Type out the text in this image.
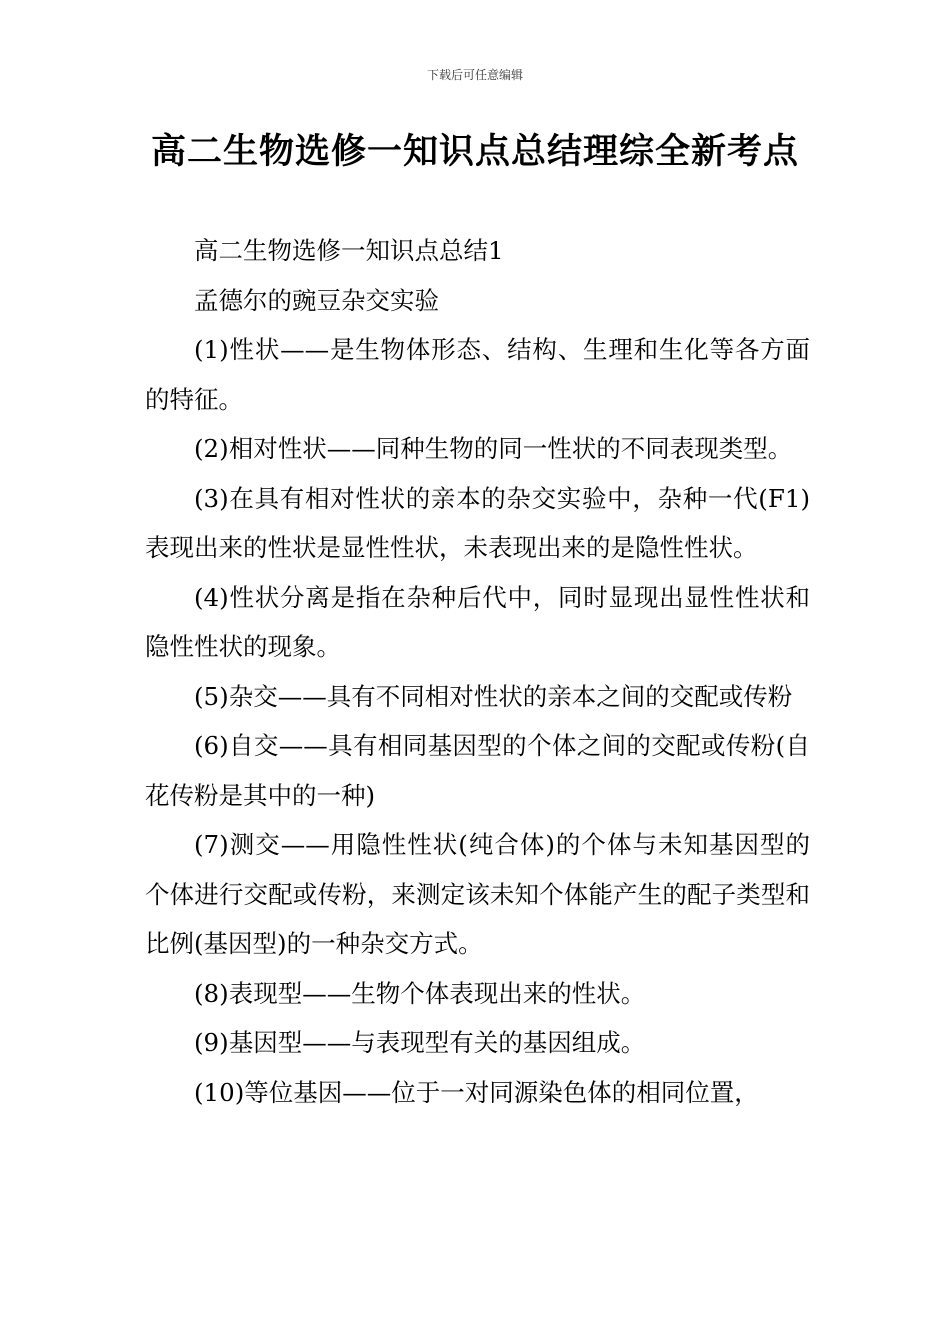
下载后可任意编辑
高二生物选修一知识点总结理综全新考点

高二生物选修一知识点总结1

孟德尔的豌豆杂交实验

(1)性状——是生物体形态、结构、生理和生化等各方面的特征。

(2)相对性状——同种生物的同一性状的不同表现类型。

(3)在具有相对性状的亲本的杂交实验中，杂种一代(F1)表现出来的性状是显性性状，未表现出来的是隐性性状。

(4)性状分离是指在杂种后代中，同时显现出显性性状和隐性性状的现象。

(5)杂交——具有不同相对性状的亲本之间的交配或传粉

(6)自交——具有相同基因型的个体之间的交配或传粉(自花传粉是其中的一种)

(7)测交——用隐性性状(纯合体)的个体与未知基因型的个体进行交配或传粉，来测定该未知个体能产生的配子类型和比例(基因型)的一种杂交方式。

(8)表现型——生物个体表现出来的性状。

(9)基因型——与表现型有关的基因组成。

(10)等位基因——位于一对同源染色体的相同位置，
